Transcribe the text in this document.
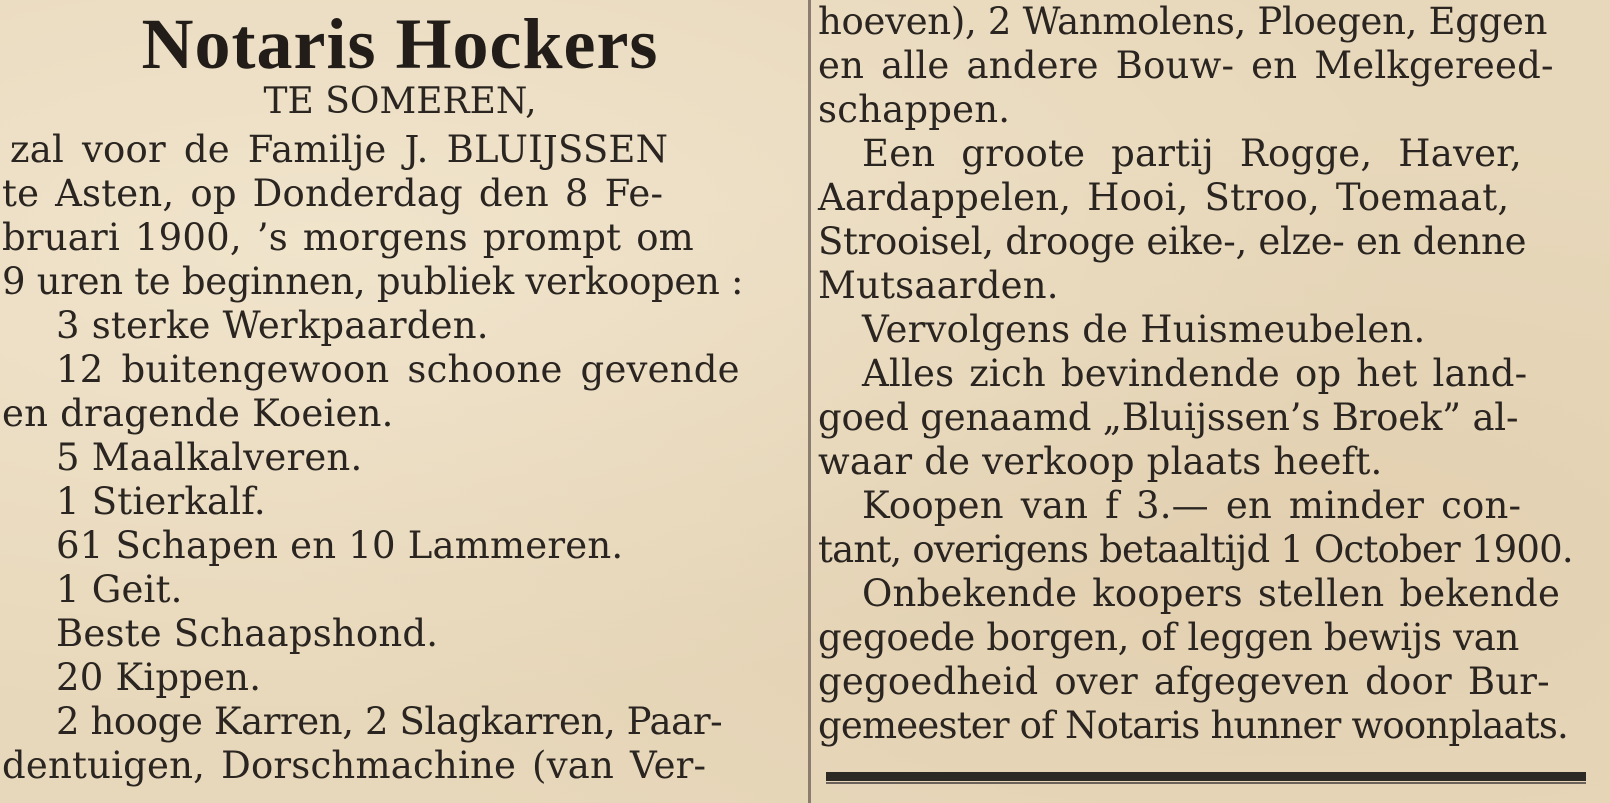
Notaris Hockers
TE SOMEREN,
zal voor de Familje J. BLUIJSSEN
te Asten, op Donderdag den 8 Fe-
bruari 1900, ’s morgens prompt om
9 uren te beginnen, publiek verkoopen :
3 sterke Werkpaarden.
12 buitengewoon schoone gevende
en dragende Koeien.
5 Maalkalveren.
1 Stierkalf.
61 Schapen en 10 Lammeren.
1 Geit.
Beste Schaapshond.
20 Kippen.
2 hooge Karren, 2 Slagkarren, Paar-
dentuigen, Dorschmachine (van Ver-
hoeven), 2 Wanmolens, Ploegen, Eggen
en alle andere Bouw- en Melkgereed-
schappen.
Een groote partij Rogge, Haver,
Aardappelen, Hooi, Stroo, Toemaat,
Strooisel, drooge eike-, elze- en denne
Mutsaarden.
Vervolgens de Huismeubelen.
Alles zich bevindende op het land-
goed genaamd „Bluijssen’s Broek” al-
waar de verkoop plaats heeft.
Koopen van f 3.— en minder con-
tant, overigens betaaltijd 1 October 1900.
Onbekende koopers stellen bekende
gegoede borgen, of leggen bewijs van
gegoedheid over afgegeven door Bur-
gemeester of Notaris hunner woonplaats.
